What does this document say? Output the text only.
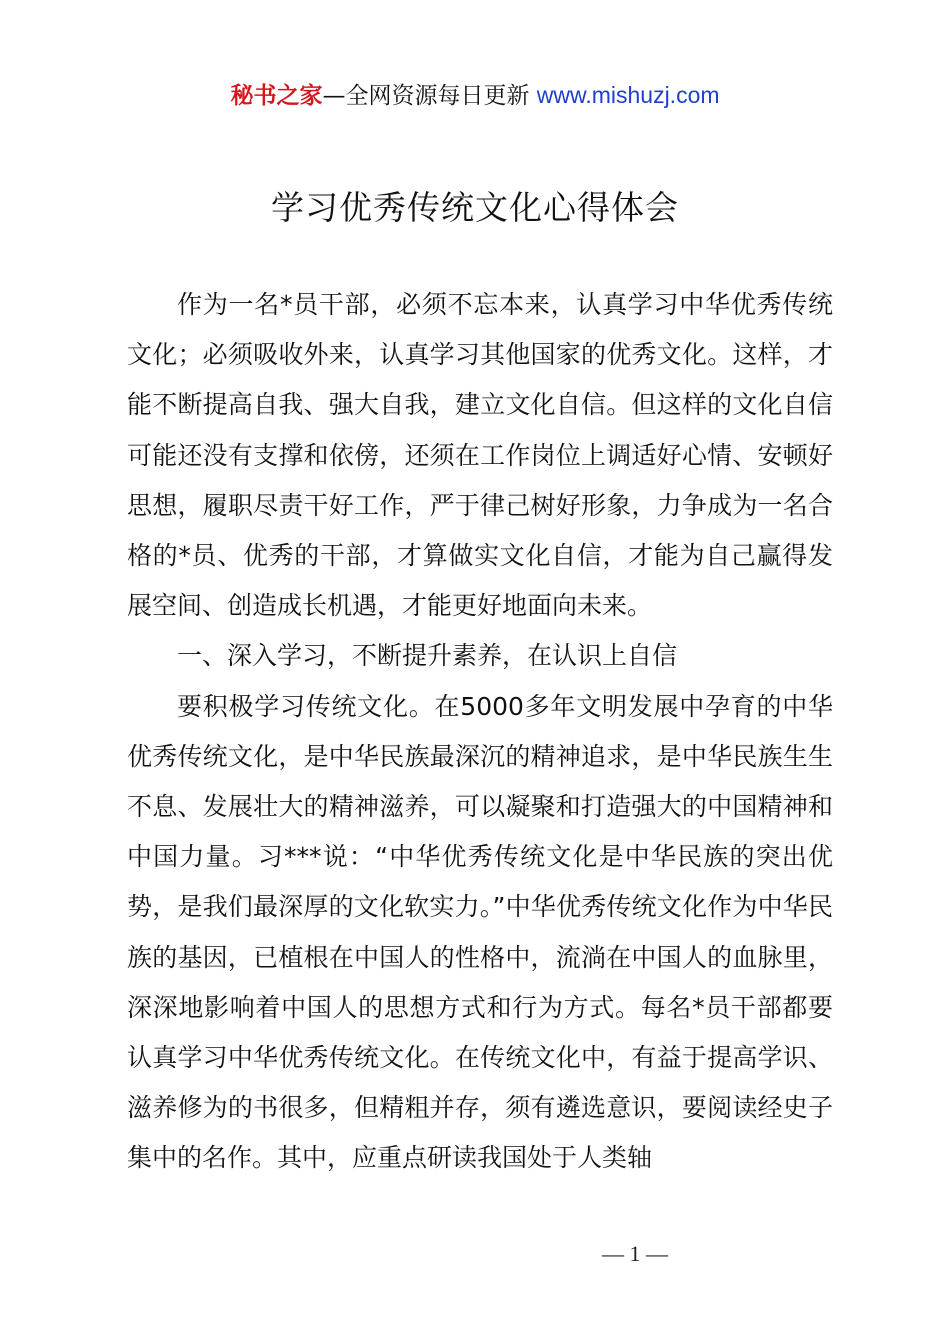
秘书之家—全网资源每日更新 www.mishuzj.com
学习优秀传统文化心得体会

作为一名*员干部，必须不忘本来，认真学习中华优秀传统文化；必须吸收外来，认真学习其他国家的优秀文化。这样，才能不断提高自我、强大自我，建立文化自信。但这样的文化自信可能还没有支撑和依傍，还须在工作岗位上调适好心情、安顿好思想，履职尽责干好工作，严于律己树好形象，力争成为一名合格的*员、优秀的干部，才算做实文化自信，才能为自己赢得发展空间、创造成长机遇，才能更好地面向未来。

一、深入学习，不断提升素养，在认识上自信

要积极学习传统文化。在5000多年文明发展中孕育的中华优秀传统文化，是中华民族最深沉的精神追求，是中华民族生生不息、发展壮大的精神滋养，可以凝聚和打造强大的中国精神和中国力量。习***说：“中华优秀传统文化是中华民族的突出优势，是我们最深厚的文化软实力。”中华优秀传统文化作为中华民族的基因，已植根在中国人的性格中，流淌在中国人的血脉里，深深地影响着中国人的思想方式和行为方式。每名*员干部都要认真学习中华优秀传统文化。在传统文化中，有益于提高学识、滋养修为的书很多，但精粗并存，须有遴选意识，要阅读经史子集中的名作。其中，应重点研读我国处于人类轴

— 1 —
